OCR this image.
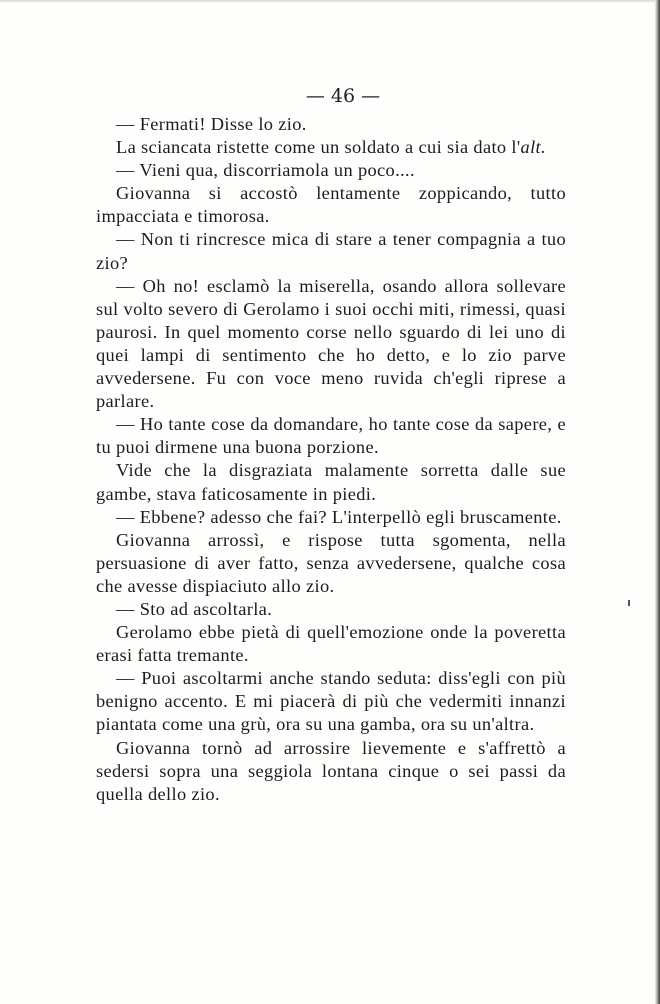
— 46 —

— Fermati! Disse lo zio.

La sciancata ristette come un soldato a cui sia dato l'alt.

— Vieni qua, discorriamola un poco....

Giovanna si accostò lentamente zoppicando, tutto impacciata e timorosa.

— Non ti rincresce mica di stare a tener compagnia a tuo zio?

— Oh no! esclamò la miserella, osando allora sollevare sul volto severo di Gerolamo i suoi occhi miti, rimessi, quasi paurosi. In quel momento corse nello sguardo di lei uno di quei lampi di sentimento che ho detto, e lo zio parve avvedersene. Fu con voce meno ruvida ch'egli riprese a parlare.

— Ho tante cose da domandare, ho tante cose da sapere, e tu puoi dirmene una buona porzione.

Vide che la disgraziata malamente sorretta dalle sue gambe, stava faticosamente in piedi.

— Ebbene? adesso che fai? L'interpellò egli bruscamente.

Giovanna arrossì, e rispose tutta sgomenta, nella persuasione di aver fatto, senza avvedersene, qualche cosa che avesse dispiaciuto allo zio.

— Sto ad ascoltarla.

Gerolamo ebbe pietà di quell'emozione onde la poveretta erasi fatta tremante.

— Puoi ascoltarmi anche stando seduta: diss'egli con più benigno accento. E mi piacerà di più che vedermiti innanzi piantata come una grù, ora su una gamba, ora su un'altra.

Giovanna tornò ad arrossire lievemente e s'affrettò a sedersi sopra una seggiola lontana cinque o sei passi da quella dello zio.
